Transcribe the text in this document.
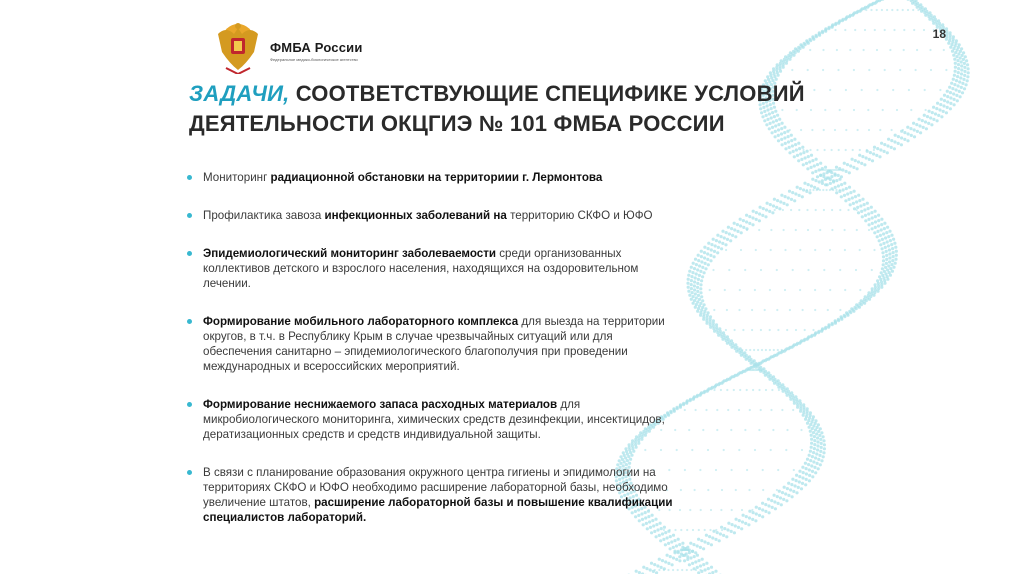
ФМБА России
Федеральное медико-биологическое агентство
18
ЗАДАЧИ, СООТВЕТСТВУЮЩИЕ СПЕЦИФИКЕ УСЛОВИЙ ДЕЯТЕЛЬНОСТИ ОКЦГИЭ № 101 ФМБА РОССИИ
Мониторинг радиационной обстановки на территориии г. Лермонтова
Профилактика завоза инфекционных заболеваний на территорию СКФО и ЮФО
Эпидемиологический мониторинг заболеваемости среди организованных коллективов детского и взрослого населения, находящихся на оздоровительном лечении.
Формирование мобильного лабораторного комплекса для выезда на территории округов, в т.ч. в Республику Крым в случае чрезвычайных ситуаций или для обеспечения санитарно – эпидемиологического благополучия при проведении международных и всероссийских мероприятий.
Формирование неснижаемого запаса расходных материалов для микробиологического мониторинга, химических средств дезинфекции, инсектицидов, дератизационных средств и средств индивидуальной защиты.
В связи с планирование образования окружного центра гигиены и эпидимологии на территориях СКФО и ЮФО необходимо расширение лабораторной базы, необходимо увеличение штатов, расширение лабораторной базы и повышение квалификации специалистов лабораторий.
